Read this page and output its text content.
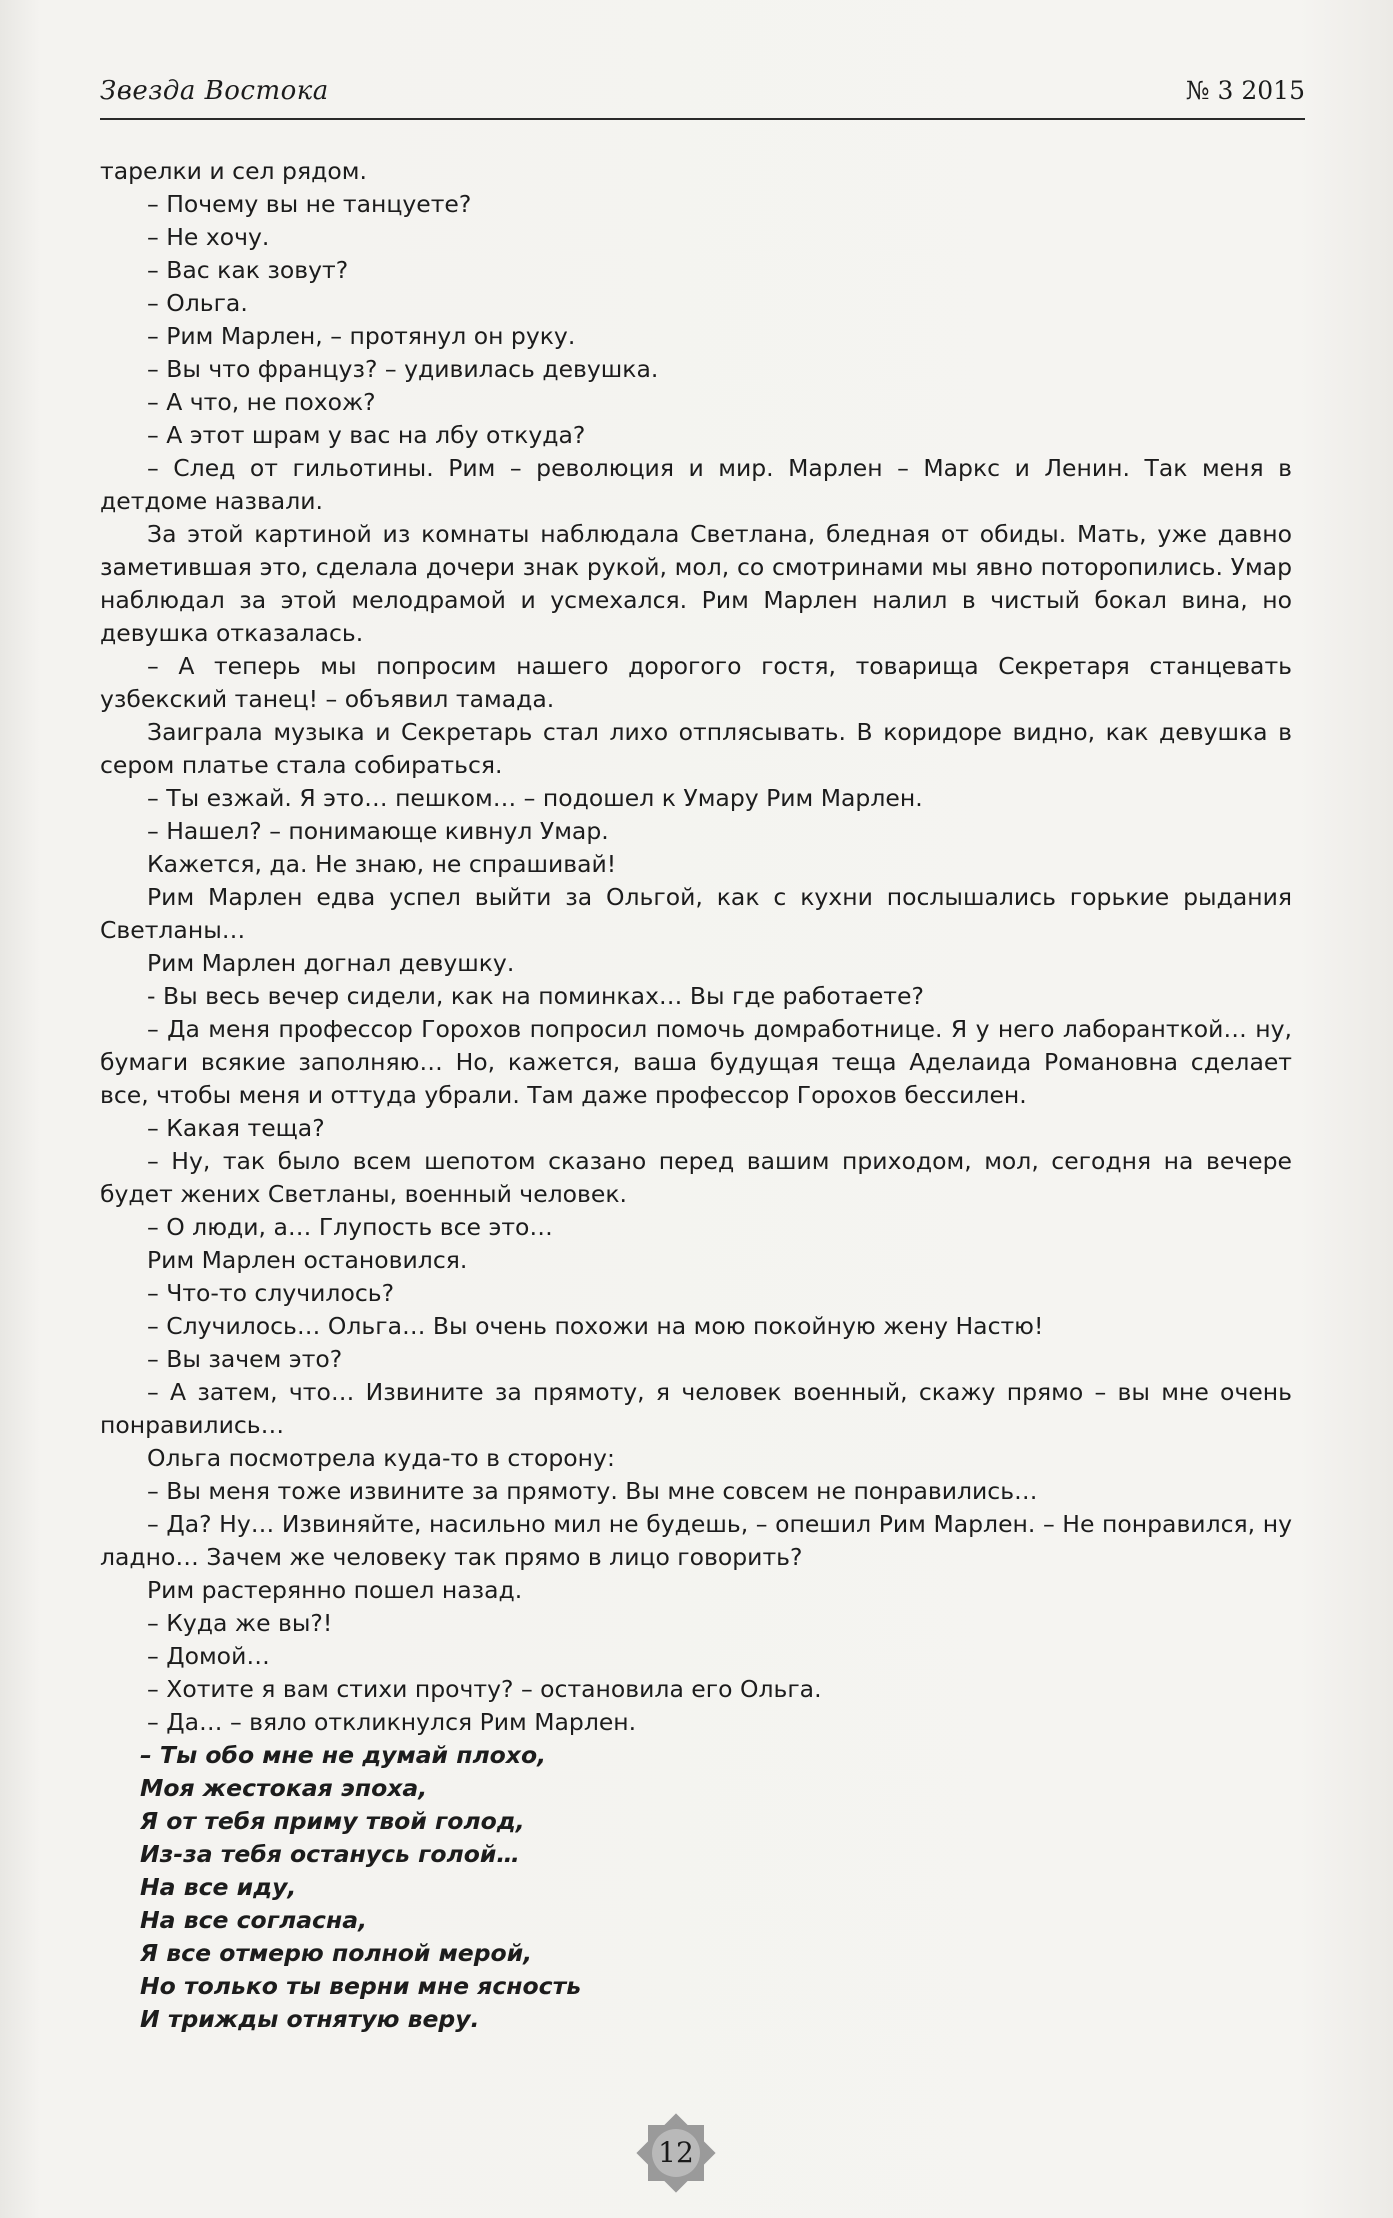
Звезда Востока	№ 3 2015

тарелки и сел рядом.

– Почему вы не танцуете?

– Не хочу.

– Вас как зовут?

– Ольга.

– Рим Марлен, – протянул он руку.

– Вы что француз? – удивилась девушка.

– А что, не похож?

– А этот шрам у вас на лбу откуда?

– След от гильотины. Рим – революция и мир. Марлен – Маркс и Ленин. Так меня в детдоме назвали.

За этой картиной из комнаты наблюдала Светлана, бледная от обиды. Мать, уже давно заметившая это, сделала дочери знак рукой, мол, со смотринами мы явно поторопились. Умар наблюдал за этой мелодрамой и усмехался. Рим Марлен налил в чистый бокал вина, но девушка отказалась.

– А теперь мы попросим нашего дорогого гостя, товарища Секретаря станцевать узбекский танец! – объявил тамада.

Заиграла музыка и Секретарь стал лихо отплясывать. В коридоре видно, как девушка в сером платье стала собираться.

– Ты езжай. Я это… пешком… – подошел к Умару Рим Марлен.

– Нашел? – понимающе кивнул Умар.

Кажется, да. Не знаю, не спрашивай!

Рим Марлен едва успел выйти за Ольгой, как с кухни послышались горькие рыдания Светланы…

Рим Марлен догнал девушку.

- Вы весь вечер сидели, как на поминках… Вы где работаете?

– Да меня профессор Горохов попросил помочь домработнице. Я у него лаборанткой… ну, бумаги всякие заполняю… Но, кажется, ваша будущая теща Аделаида Романовна сделает все, чтобы меня и оттуда убрали. Там даже профессор Горохов бессилен.

– Какая теща?

– Ну, так было всем шепотом сказано перед вашим приходом, мол, сегодня на вечере будет жених Светланы, военный человек.

– О люди, а… Глупость все это…

Рим Марлен остановился.

– Что-то случилось?

– Случилось… Ольга… Вы очень похожи на мою покойную жену Настю!

– Вы зачем это?

– А затем, что… Извините за прямоту, я человек военный, скажу прямо – вы мне очень понравились…

Ольга посмотрела куда-то в сторону:

– Вы меня тоже извините за прямоту. Вы мне совсем не понравились…

– Да? Ну… Извиняйте, насильно мил не будешь, – опешил Рим Марлен. – Не понравился, ну ладно… Зачем же человеку так прямо в лицо говорить?

Рим растерянно пошел назад.

– Куда же вы?!

– Домой…

– Хотите я вам стихи прочту? – остановила его Ольга.

– Да… – вяло откликнулся Рим Марлен.

– Ты обо мне не думай плохо,

Моя жестокая эпоха,

Я от тебя приму твой голод,

Из-за тебя останусь голой…

На все иду,

На все согласна,

Я все отмерю полной мерой,

Но только ты верни мне ясность

И трижды отнятую веру.

12
